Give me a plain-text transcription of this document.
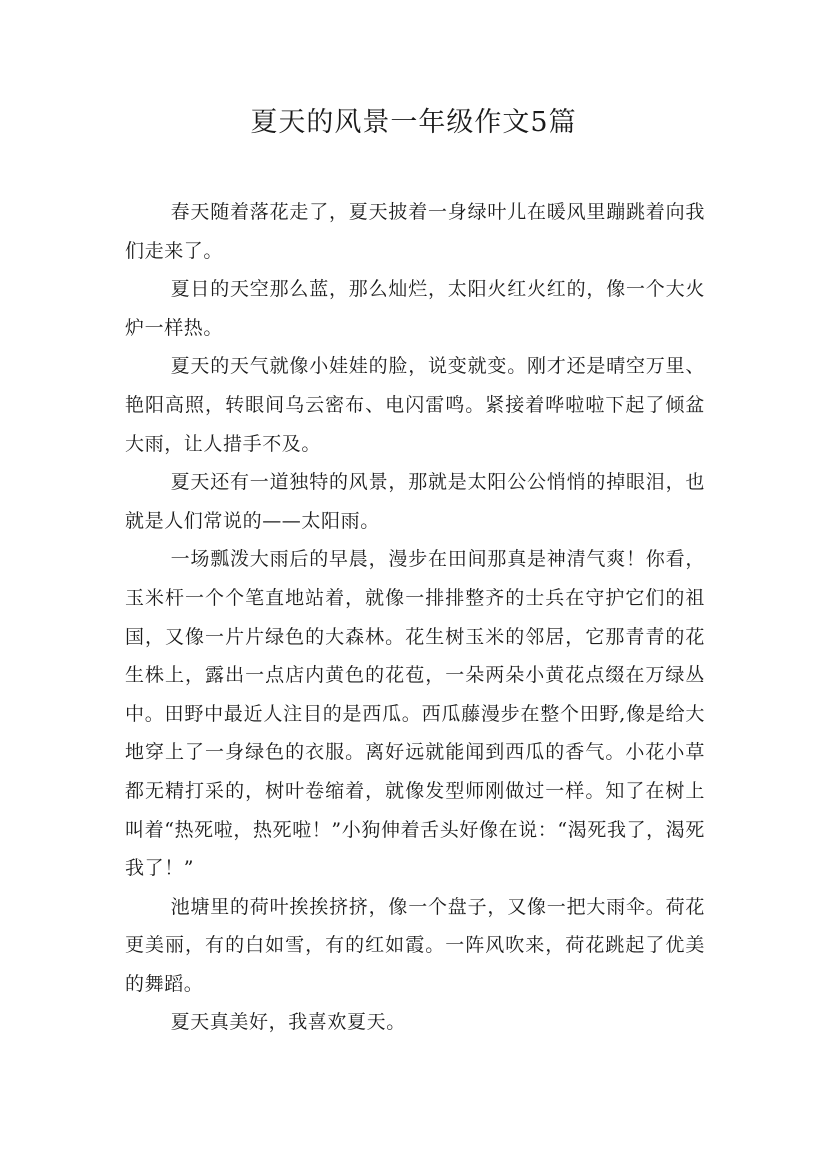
夏天的风景一年级作文5篇

春天随着落花走了，夏天披着一身绿叶儿在暖风里蹦跳着向我们走来了。

夏日的天空那么蓝，那么灿烂，太阳火红火红的，像一个大火炉一样热。

夏天的天气就像小娃娃的脸，说变就变。刚才还是晴空万里、艳阳高照，转眼间乌云密布、电闪雷鸣。紧接着哗啦啦下起了倾盆大雨，让人措手不及。

夏天还有一道独特的风景，那就是太阳公公悄悄的掉眼泪，也就是人们常说的——太阳雨。

一场瓢泼大雨后的早晨，漫步在田间那真是神清气爽！你看，玉米杆一个个笔直地站着，就像一排排整齐的士兵在守护它们的祖国，又像一片片绿色的大森林。花生树玉米的邻居，它那青青的花生株上，露出一点店内黄色的花苞，一朵两朵小黄花点缀在万绿丛中。田野中最近人注目的是西瓜。西瓜藤漫步在整个田野,像是给大地穿上了一身绿色的衣服。离好远就能闻到西瓜的香气。小花小草都无精打采的，树叶卷缩着，就像发型师刚做过一样。知了在树上叫着“热死啦，热死啦！”小狗伸着舌头好像在说：“渴死我了，渴死我了！”

池塘里的荷叶挨挨挤挤，像一个盘子，又像一把大雨伞。荷花更美丽，有的白如雪，有的红如霞。一阵风吹来，荷花跳起了优美的舞蹈。

夏天真美好，我喜欢夏天。
